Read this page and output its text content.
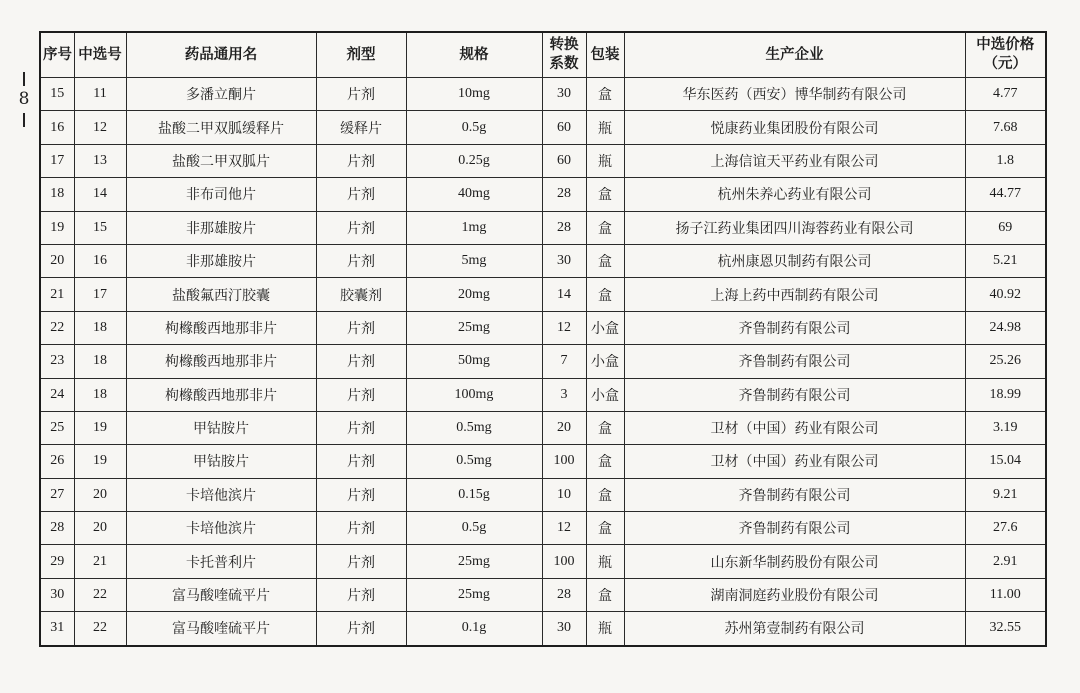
8
序号	中选号	药品通用名	剂型	规格	转换系数	包装	生产企业	中选价格（元）
15	11	多潘立酮片	片剂	10mg	30	盒	华东医药（西安）博华制药有限公司	4.77
16	12	盐酸二甲双胍缓释片	缓释片	0.5g	60	瓶	悦康药业集团股份有限公司	7.68
17	13	盐酸二甲双胍片	片剂	0.25g	60	瓶	上海信谊天平药业有限公司	1.8
18	14	非布司他片	片剂	40mg	28	盒	杭州朱养心药业有限公司	44.77
19	15	非那雄胺片	片剂	1mg	28	盒	扬子江药业集团四川海蓉药业有限公司	69
20	16	非那雄胺片	片剂	5mg	30	盒	杭州康恩贝制药有限公司	5.21
21	17	盐酸氟西汀胶囊	胶囊剂	20mg	14	盒	上海上药中西制药有限公司	40.92
22	18	枸橼酸西地那非片	片剂	25mg	12	小盒	齐鲁制药有限公司	24.98
23	18	枸橼酸西地那非片	片剂	50mg	7	小盒	齐鲁制药有限公司	25.26
24	18	枸橼酸西地那非片	片剂	100mg	3	小盒	齐鲁制药有限公司	18.99
25	19	甲钴胺片	片剂	0.5mg	20	盒	卫材（中国）药业有限公司	3.19
26	19	甲钴胺片	片剂	0.5mg	100	盒	卫材（中国）药业有限公司	15.04
27	20	卡培他滨片	片剂	0.15g	10	盒	齐鲁制药有限公司	9.21
28	20	卡培他滨片	片剂	0.5g	12	盒	齐鲁制药有限公司	27.6
29	21	卡托普利片	片剂	25mg	100	瓶	山东新华制药股份有限公司	2.91
30	22	富马酸喹硫平片	片剂	25mg	28	盒	湖南洞庭药业股份有限公司	11.00
31	22	富马酸喹硫平片	片剂	0.1g	30	瓶	苏州第壹制药有限公司	32.55
